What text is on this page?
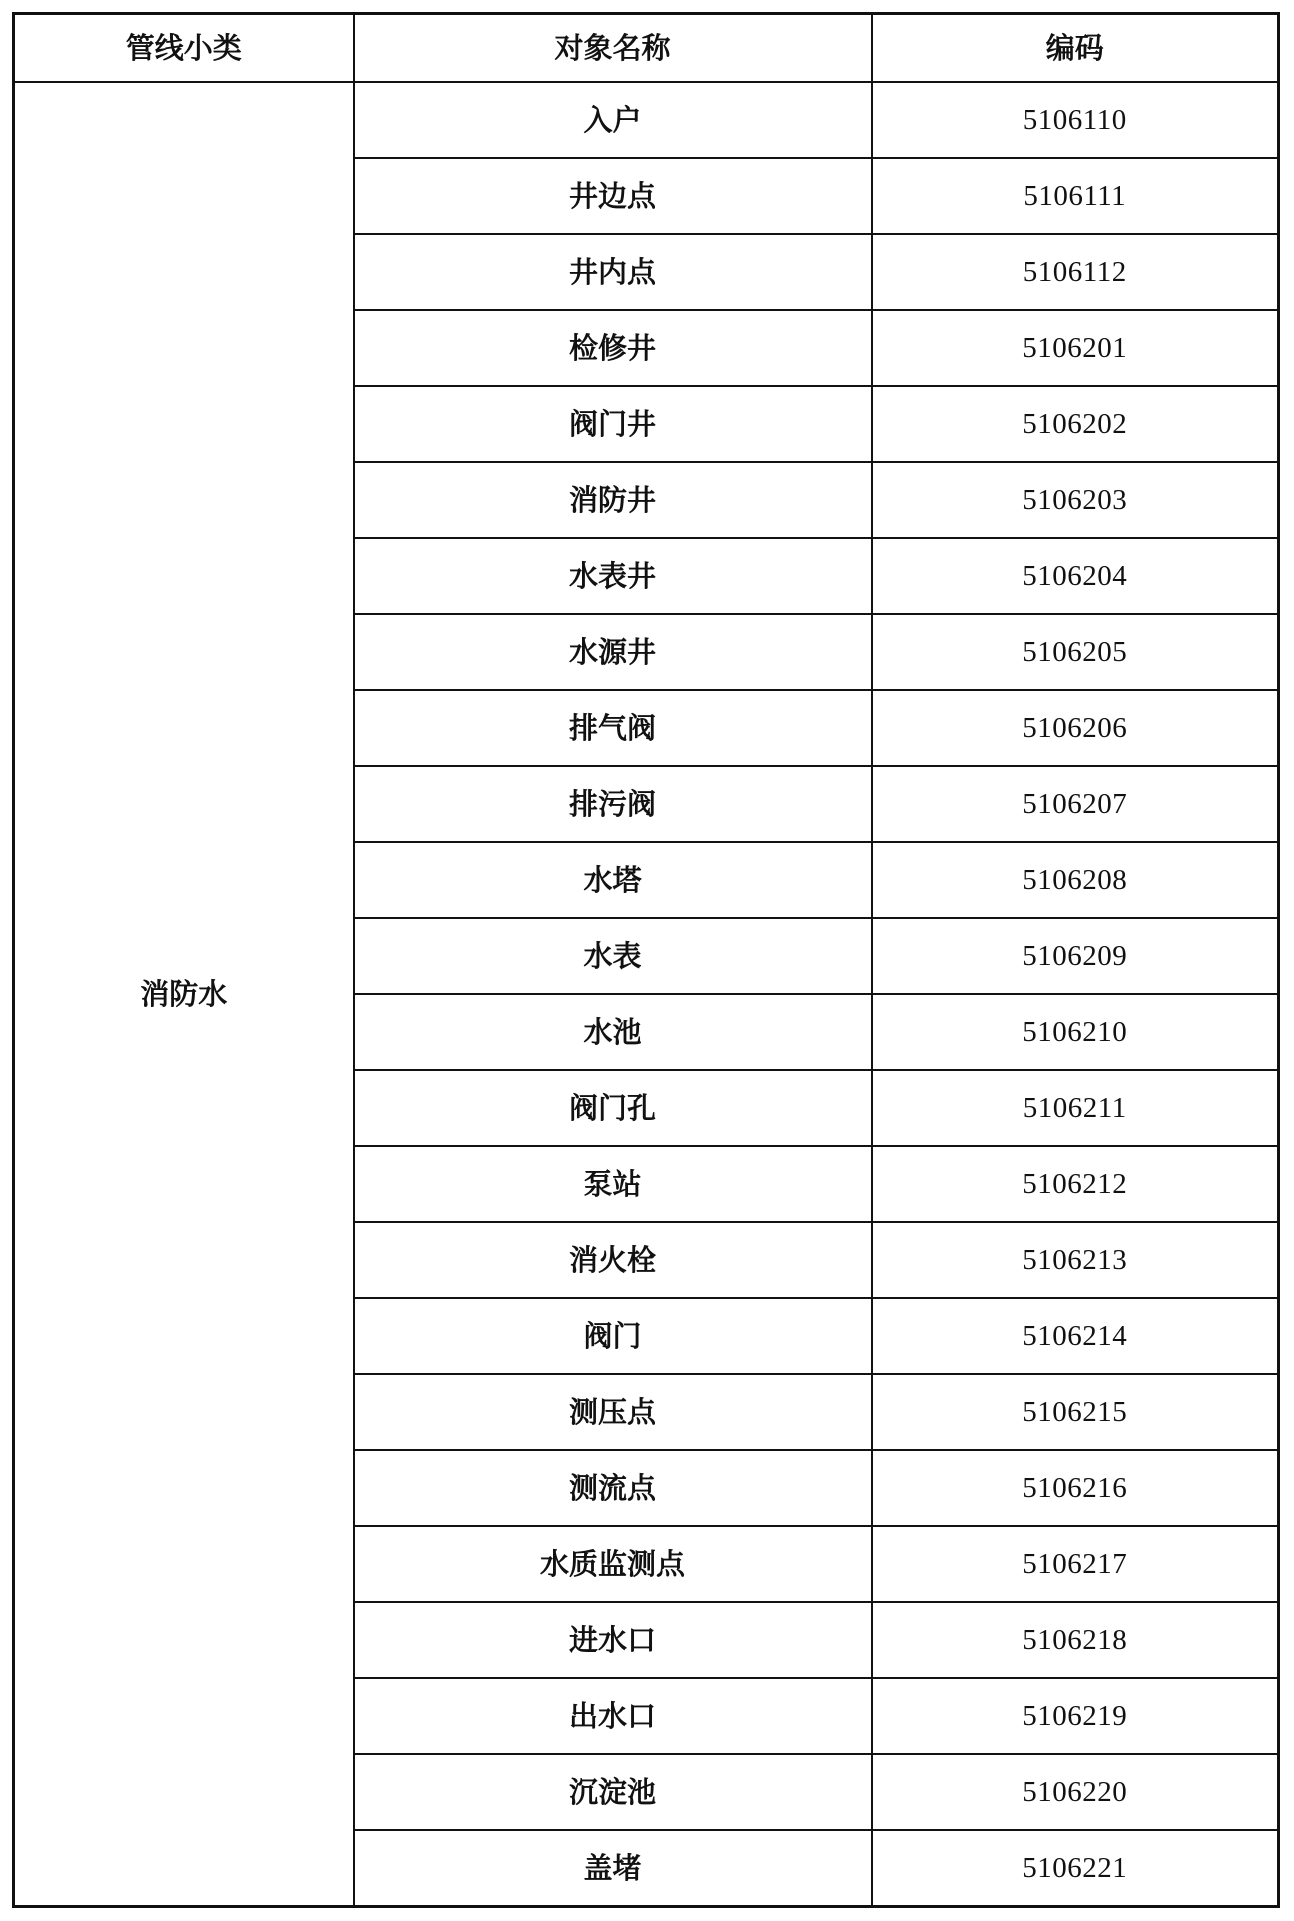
管线小类	对象名称	编码
消防水	入户	5106110
	井边点	5106111
	井内点	5106112
	检修井	5106201
	阀门井	5106202
	消防井	5106203
	水表井	5106204
	水源井	5106205
	排气阀	5106206
	排污阀	5106207
	水塔	5106208
	水表	5106209
	水池	5106210
	阀门孔	5106211
	泵站	5106212
	消火栓	5106213
	阀门	5106214
	测压点	5106215
	测流点	5106216
	水质监测点	5106217
	进水口	5106218
	出水口	5106219
	沉淀池	5106220
	盖堵	5106221
